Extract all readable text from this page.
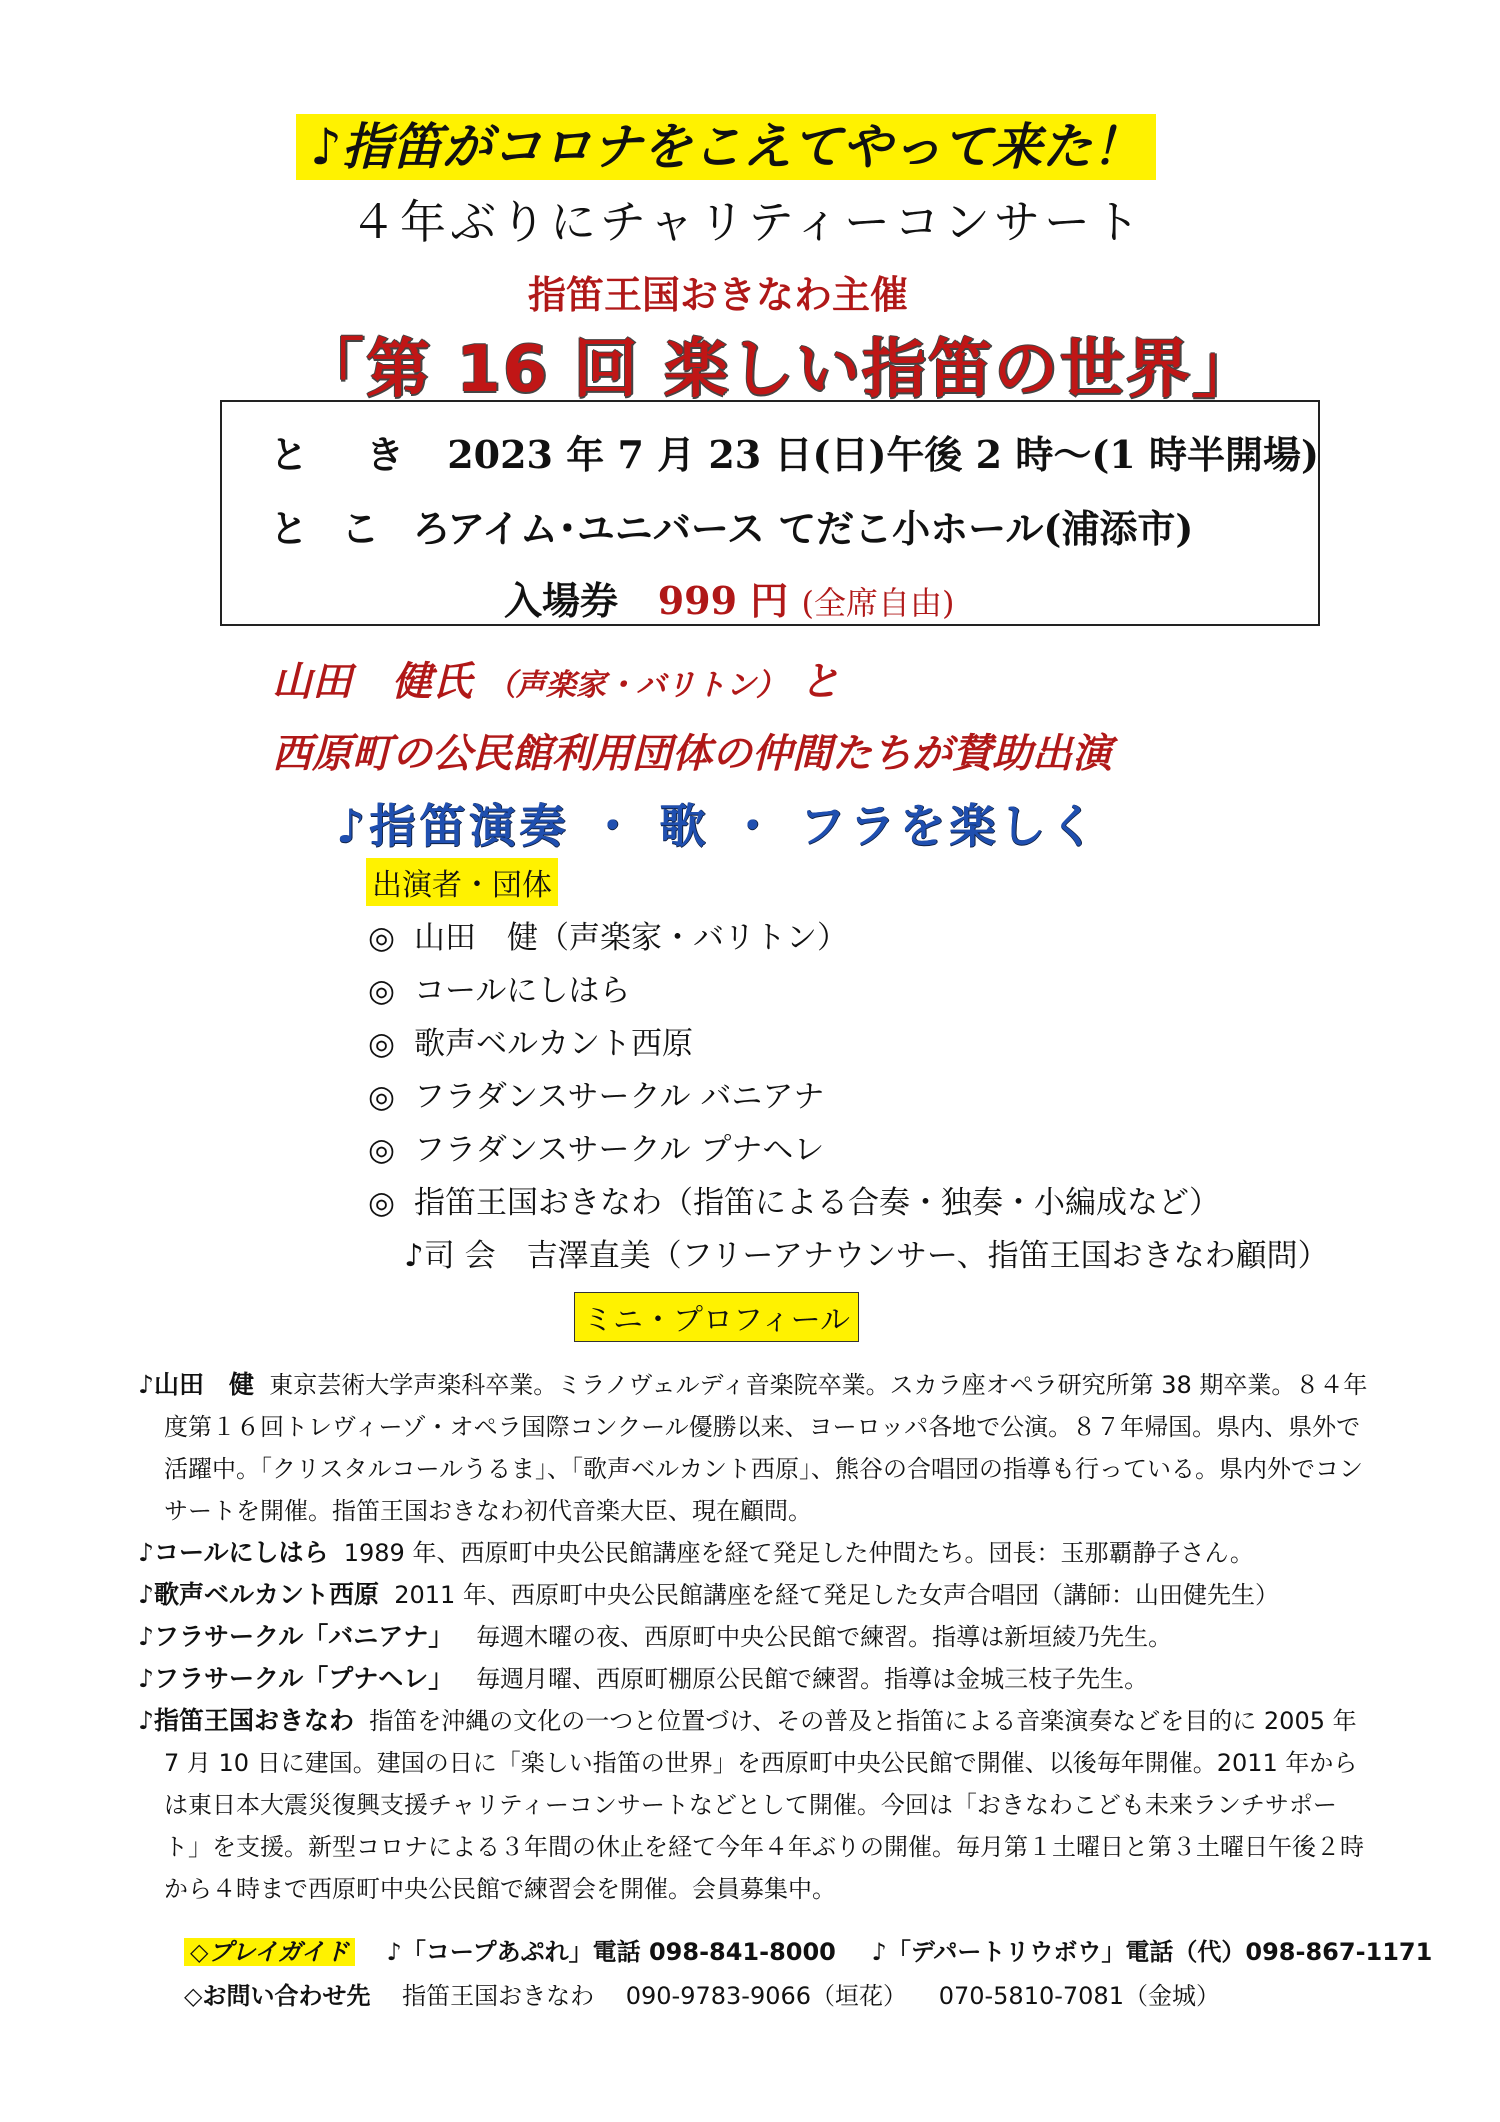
♪指笛がコロナをこえてやって来た！
４年ぶりにチャリティーコンサート
指笛王国おきなわ主催
「第 16 回 楽しい指笛の世界」
と　き 2023 年 7 月 23 日(日)午後 2 時～(1 時半開場)
と こ ろ アイム･ユニバース てだこ小ホール(浦添市)
入場券 999 円 (全席自由)
山田　健氏 （声楽家・バリトン） と
西原町の公民館利用団体の仲間たちが賛助出演
♪指笛演奏 ・ 歌 ・ フラを楽しく
出演者・団体
◎ 山田　健（声楽家・バリトン）
◎ コールにしはら
◎ 歌声ベルカント西原
◎ フラダンスサークル バニアナ
◎ フラダンスサークル プナヘレ
◎ 指笛王国おきなわ（指笛による合奏・独奏・小編成など）
♪司 会　吉澤直美（フリーアナウンサー、指笛王国おきなわ顧問）
ミニ・プロフィール
♪山田　健 東京芸術大学声楽科卒業。ミラノヴェルディ音楽院卒業。スカラ座オペラ研究所第 38 期卒業。８４年度第１６回トレヴィーゾ・オペラ国際コンクール優勝以来、ヨーロッパ各地で公演。８７年帰国。県内、県外で活躍中。「クリスタルコールうるま」、「歌声ベルカント西原」、熊谷の合唱団の指導も行っている。県内外でコンサートを開催。指笛王国おきなわ初代音楽大臣、現在顧問。
♪コールにしはら 1989 年、西原町中央公民館講座を経て発足した仲間たち。団長：玉那覇静子さん。
♪歌声ベルカント西原 2011 年、西原町中央公民館講座を経て発足した女声合唱団（講師：山田健先生）
♪フラサークル「バニアナ」 毎週木曜の夜、西原町中央公民館で練習。指導は新垣綾乃先生。
♪フラサークル「プナヘレ」 毎週月曜、西原町棚原公民館で練習。指導は金城三枝子先生。
♪指笛王国おきなわ 指笛を沖縄の文化の一つと位置づけ、その普及と指笛による音楽演奏などを目的に 2005 年 7 月 10 日に建国。建国の日に「楽しい指笛の世界」を西原町中央公民館で開催、以後毎年開催。2011 年からは東日本大震災復興支援チャリティーコンサートなどとして開催。今回は「おきなわこども未来ランチサポート」を支援。新型コロナによる３年間の休止を経て今年４年ぶりの開催。毎月第１土曜日と第３土曜日午後２時から４時まで西原町中央公民館で練習会を開催。会員募集中。
◇プレイガイド ♪「コープあぷれ」電話 098-841-8000 ♪「デパートリウボウ」電話（代）098-867-1171
◇お問い合わせ先 指笛王国おきなわ 090-9783-9066（垣花） 070-5810-7081（金城）
